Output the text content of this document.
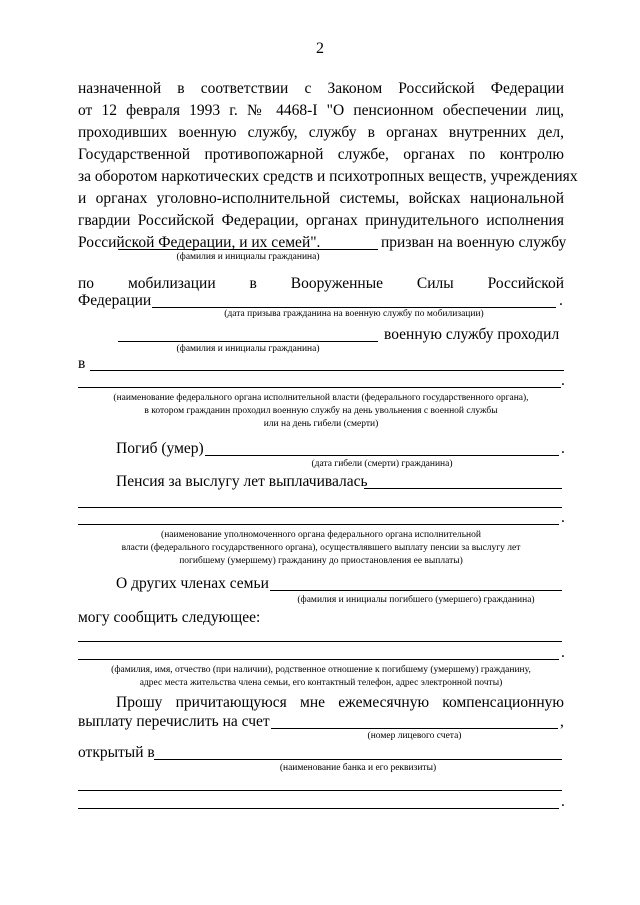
2
назначенной в соответствии с Законом Российской Федерации
от 12 февраля 1993 г. № 4468-I "О пенсионном обеспечении лиц,
проходивших военную службу, службу в органах внутренних дел,
Государственной противопожарной службе, органах по контролю
за оборотом наркотических средств и психотропных веществ, учреждениях
и органах уголовно-исполнительной системы, войсках национальной
гвардии Российской Федерации, органах принудительного исполнения
Российской Федерации, и их семей".	призван на военную службу
(фамилия и инициалы гражданина)
по мобилизации в Вооруженные Силы Российской
Федерации	.
(дата призыва гражданина на военную службу по мобилизации)
военную службу проходил
(фамилия и инициалы гражданина)
в
.
(наименование федерального органа исполнительной власти (федерального государственного органа),
в котором гражданин проходил военную службу на день увольнения с военной службы
или на день гибели (смерти)
Погиб (умер)	.
(дата гибели (смерти) гражданина)
Пенсия за выслугу лет выплачивалась
.
(наименование уполномоченного органа федерального органа исполнительной
власти (федерального государственного органа), осуществлявшего выплату пенсии за выслугу лет
погибшему (умершему) гражданину до приостановления ее выплаты)
О других членах семьи
(фамилия и инициалы погибшего (умершего) гражданина)
могу сообщить следующее:
.
(фамилия, имя, отчество (при наличии), родственное отношение к погибшему (умершему) гражданину,
адрес места жительства члена семьи, его контактный телефон, адрес электронной почты)
Прошу причитающуюся мне ежемесячную компенсационную
выплату перечислить на счет	,
(номер лицевого счета)
открытый в
(наименование банка и его реквизиты)
.
